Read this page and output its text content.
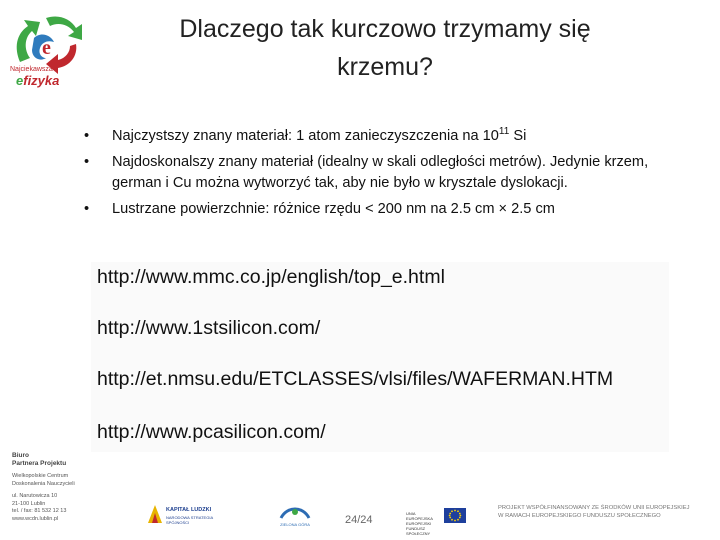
e
Najciekawsza
efizyka
Biuro
Partnera Projektu
Wielkopolskie Centrum
Doskonalenia Nauczycieli
ul. Narutowicza 10
21-100 Lublin
tel. / fax: 81 532 12 13
www.wcdn.lublin.pl
Dlaczego tak kurczowo trzymamy się
krzemu?
• Najczystszy znany materiał: 1 atom zanieczyszczenia na $10^{11}$ Si
• Najdoskonalszy znany materiał (idealny w skali odległości metrów). Jedynie krzem, german i Cu można wytworzyć tak, aby nie było w krysztale dyslokacji.
• Lustrzane powierzchnie: różnice rzędu < 200 nm na 2.5 cm × 2.5 cm
http://www.mmc.co.jp/english/top_e.html
http://www.1stsilicon.com/
http://et.nmsu.edu/ETCLASSES/vlsi/files/WAFERMAN.HTM
http://www.pcasilicon.com/
KAPITAŁ LUDZKI
NARODOWA STRATEGIA SPÓJNOŚCI	ZIELONA GÓRA	24/24
UNIA EUROPEJSKA EUROPEJSKI FUNDUSZ SPOŁECZNY
PROJEKT WSPÓŁFINANSOWANY ZE ŚRODKÓW UNII EUROPEJSKIEJ
W RAMACH EUROPEJSKIEGO FUNDUSZU SPOŁECZNEGO
